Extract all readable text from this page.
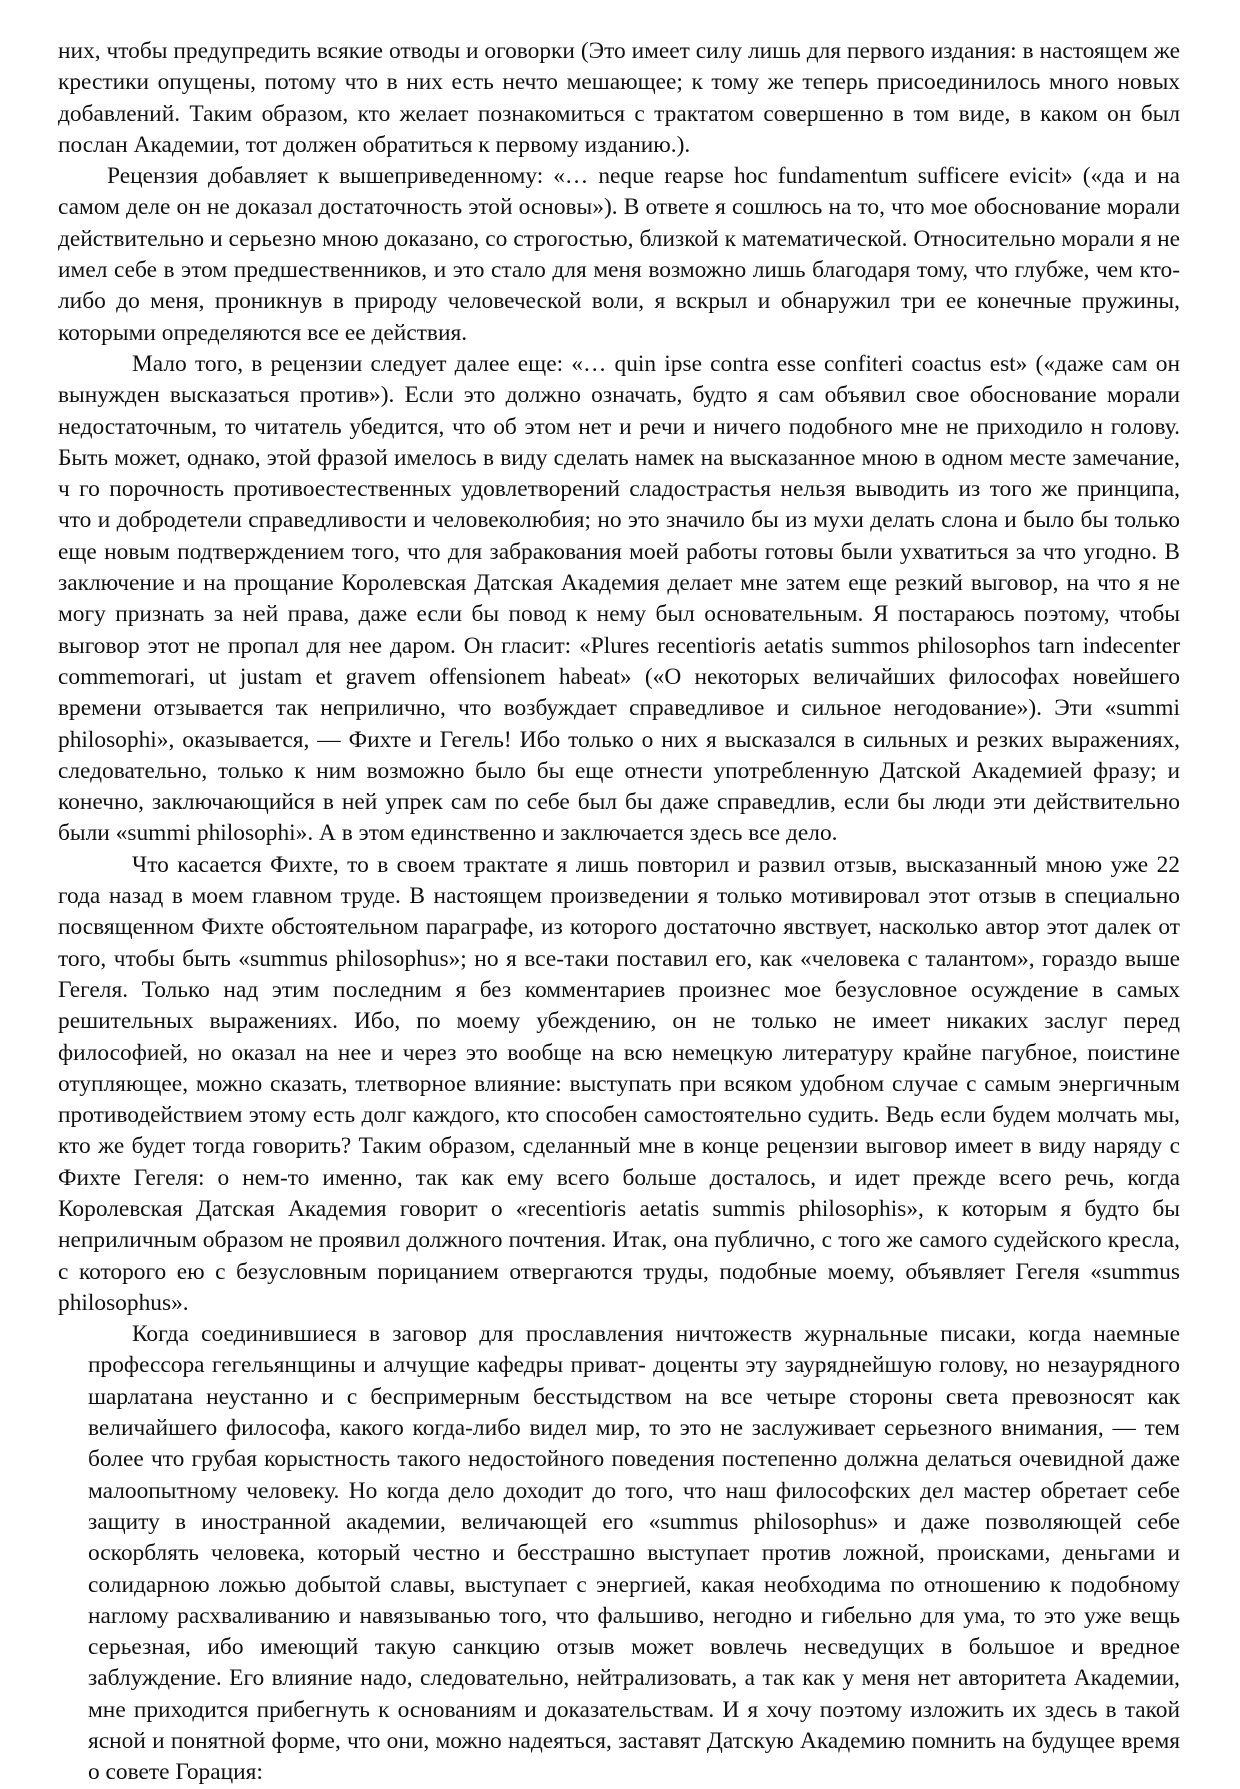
них, чтобы предупредить всякие отводы и оговорки (Это имеет силу лишь для первого издания: в настоящем же крестики опущены, потому что в них есть нечто мешающее; к тому же теперь присоединилось много новых добавлений. Таким образом, кто желает познакомиться с трактатом совершенно в том виде, в каком он был послан Академии, тот должен обратиться к первому изданию.).

Рецензия добавляет к вышеприведенному: «… neque reapse hoc fundamentum sufficere evicit» («да и на самом деле он не доказал достаточность этой основы»). В ответе я сошлюсь на то, что мое обоснование морали действительно и серьезно мною доказано, со строгостью, близкой к математической. Относительно морали я не имел себе в этом предшественников, и это стало для меня возможно лишь благодаря тому, что глубже, чем кто-либо до меня, проникнув в природу человеческой воли, я вскрыл и обнаружил три ее конечные пружины, которыми определяются все ее действия.

Мало того, в рецензии следует далее еще: «… quin ipse contra esse confiteri coactus est» («даже сам он вынужден высказаться против»). Если это должно означать, будто я сам объявил свое обоснование морали недостаточным, то читатель убедится, что об этом нет и речи и ничего подобного мне не приходило н голову. Быть может, однако, этой фразой имелось в виду сделать намек на высказанное мною в одном месте замечание, ч го порочность противоестественных удовлетворений сладострастья нельзя выводить из того же принципа, что и добродетели справедливости и человеколюбия; но это значило бы из мухи делать слона и было бы только еще новым подтверждением того, что для забракования моей работы готовы были ухватиться за что угодно. В заключение и на прощание Королевская Датская Академия делает мне затем еще резкий выговор, на что я не могу признать за ней права, даже если бы повод к нему был основательным. Я постараюсь поэтому, чтобы выговор этот не пропал для нее даром. Он гласит: «Plures recentioris aetatis summos philosophos tarn indecenter commemorari, ut justam et gravem offensionem habeat» («О некоторых величайших философах новейшего времени отзывается так неприлично, что возбуждает справедливое и сильное негодование»). Эти «summi philosophi», оказывается, — Фихте и Гегель! Ибо только о них я высказался в сильных и резких выражениях, следовательно, только к ним возможно было бы еще отнести употребленную Датской Академией фразу; и конечно, заключающийся в ней упрек сам по себе был бы даже справедлив, если бы люди эти действительно были «summi philosophi». А в этом единственно и заключается здесь все дело.

Что касается Фихте, то в своем трактате я лишь повторил и развил отзыв, высказанный мною уже 22 года назад в моем главном труде. В настоящем произведении я только мотивировал этот отзыв в специально посвященном Фихте обстоятельном параграфе, из которого достаточно явствует, насколько автор этот далек от того, чтобы быть «summus philosophus»; но я все-таки поставил его, как «человека с талантом», гораздо выше Гегеля. Только над этим последним я без комментариев произнес мое безусловное осуждение в самых решительных выражениях. Ибо, по моему убеждению, он не только не имеет никаких заслуг перед философией, но оказал на нее и через это вообще на всю немецкую литературу крайне пагубное, поистине отупляющее, можно сказать, тлетворное влияние: выступать при всяком удобном случае с самым энергичным противодействием этому есть долг каждого, кто способен самостоятельно судить. Ведь если будем молчать мы, кто же будет тогда говорить? Таким образом, сделанный мне в конце рецензии выговор имеет в виду наряду с Фихте Гегеля: о нем-то именно, так как ему всего больше досталось, и идет прежде всего речь, когда Королевская Датская Академия говорит о «recentioris aetatis summis philosophis», к которым я будто бы неприличным образом не проявил должного почтения. Итак, она публично, с того же самого судейского кресла, с которого ею с безусловным порицанием отвергаются труды, подобные моему, объявляет Гегеля «summus philosophus».

Когда соединившиеся в заговор для прославления ничтожеств журнальные писаки, когда наемные профессора гегельянщины и алчущие кафедры приват- доценты эту зауряднейшую голову, но незаурядного шарлатана неустанно и с беспримерным бесстыдством на все четыре стороны света превозносят как величайшего философа, какого когда-либо видел мир, то это не заслуживает серьезного внимания, — тем более что грубая корыстность такого недостойного поведения постепенно должна делаться очевидной даже малоопытному человеку. Но когда дело доходит до того, что наш философских дел мастер обретает себе защиту в иностранной академии, величающей его «summus philosophus» и даже позволяющей себе оскорблять человека, который честно и бесстрашно выступает против ложной, происками, деньгами и солидарною ложью добытой славы, выступает с энергией, какая необходима по отношению к подобному наглому расхваливанию и навязыванью того, что фальшиво, негодно и гибельно для ума, то это уже вещь серьезная, ибо имеющий такую санкцию отзыв может вовлечь несведущих в большое и вредное заблуждение. Его влияние надо, следовательно, нейтрализовать, а так как у меня нет авторитета Академии, мне приходится прибегнуть к основаниям и доказательствам. И я хочу поэтому изложить их здесь в такой ясной и понятной форме, что они, можно надеяться, заставят Датскую Академию помнить на будущее время о совете Горация:
